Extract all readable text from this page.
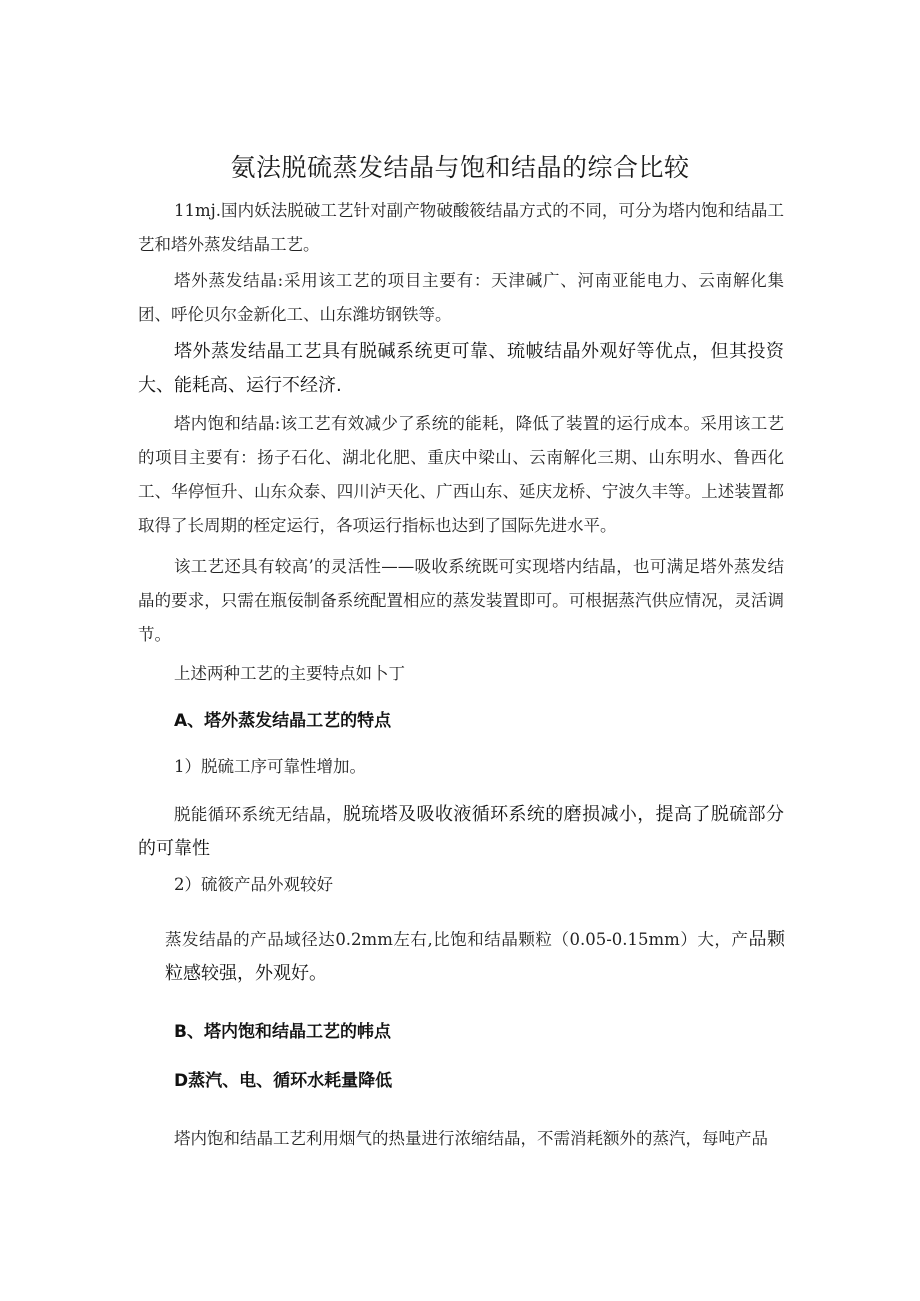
氨法脱硫蒸发结晶与饱和结晶的综合比较

11mj.国内妖法脱破工艺针对副产物破酸筱结晶方式的不同，可分为塔内饱和结晶工艺和塔外蒸发结晶工艺。

塔外蒸发结晶:采用该工艺的项目主要有：天津碱广、河南亚能电力、云南解化集团、呼伦贝尔金新化工、山东潍坊钢铁等。

塔外蒸发结晶工艺具有脱碱系统更可靠、琉帔结晶外观好等优点，但其投资大、能耗高、运行不经济.

塔内饱和结晶:该工艺有效减少了系统的能耗，降低了装置的运行成本。采用该工艺的项目主要有：扬子石化、湖北化肥、重庆中梁山、云南解化三期、山东明水、鲁西化工、华停恒升、山东众泰、四川泸天化、广西山东、延庆龙桥、宁波久丰等。上述装置都取得了长周期的桎定运行，各项运行指标也达到了国际先进水平。

该工艺还具有较高’的灵活性——吸收系统既可实现塔内结晶，也可满足塔外蒸发结晶的要求，只需在瓶佞制备系统配置相应的蒸发装置即可。可根据蒸汽供应情况，灵活调节。

上述两种工艺的主要特点如卜丁

A、塔外蒸发结晶工艺的特点

1）脱硫工序可靠性增加。

脱能循环系统无结晶，脱琉塔及吸收液循环系统的磨损减小，提高了脱硫部分的可靠性

2）硫筱产品外观较好

蒸发结晶的产品域径达0.2mm左右,比饱和结晶颗粒（0.05-0.15mm）大，产品颗粒感较强，外观好。

B、塔内饱和结晶工艺的帏点

D蒸汽、电、循环水耗量降低

塔内饱和结晶工艺利用烟气的热量进行浓缩结晶，不需消耗额外的蒸汽，每吨产品
